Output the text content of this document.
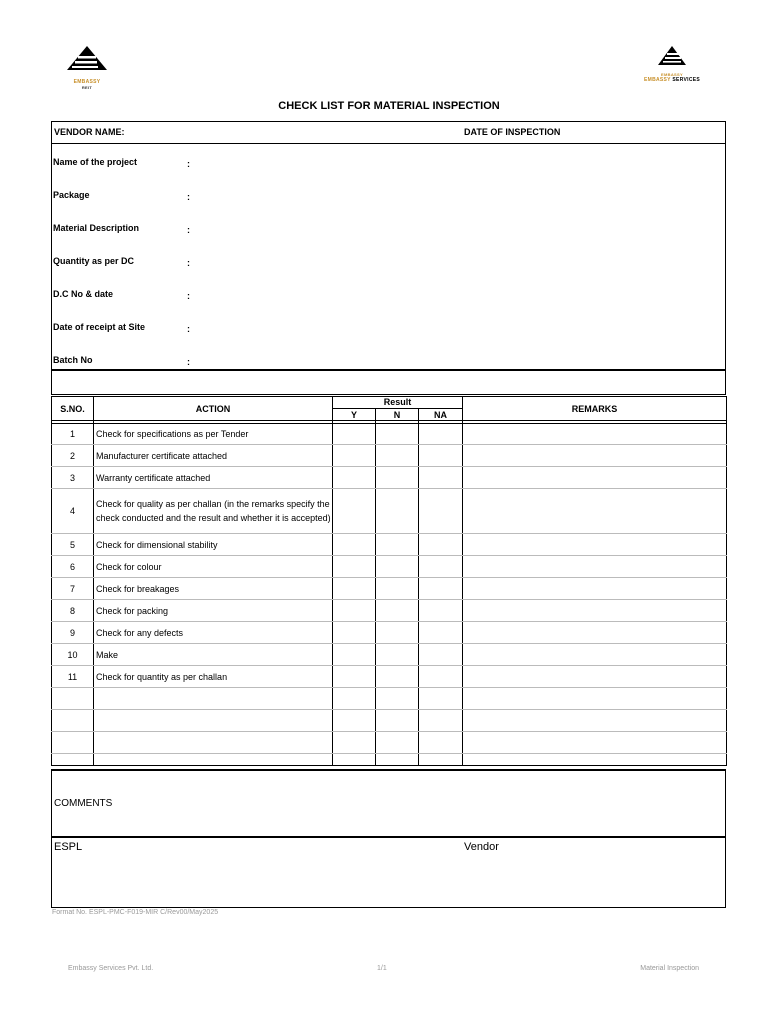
EMBASSY
REIT
EMBASSY
EMBASSY SERVICES
CHECK LIST FOR MATERIAL INSPECTION
VENDOR NAME:	DATE OF INSPECTION
Name of the project	:
Package	:
Material Description	:
Quantity as per DC	:
D.C No & date	:
Date of receipt at Site	:
Batch No	:
S.NO.	ACTION	Result			REMARKS
		Y	N	NA	

1	Check for specifications as per Tender				
2	Manufacturer certificate attached				
3	Warranty certificate attached				
4	Check for quality as per challan (in the remarks specify the check conducted and the result and whether it is accepted)				
5	Check for dimensional stability				
6	Check for colour				
7	Check for breakages				
8	Check for packing				
9	Check for any defects				
10	Make				
11	Check for quantity as per challan				

COMMENTS
ESPL	Vendor
Format No. ESPL-PMC-F019-MIR C/Rev00/May2025
Embassy Services Pvt. Ltd.	1/1	Material Inspection
